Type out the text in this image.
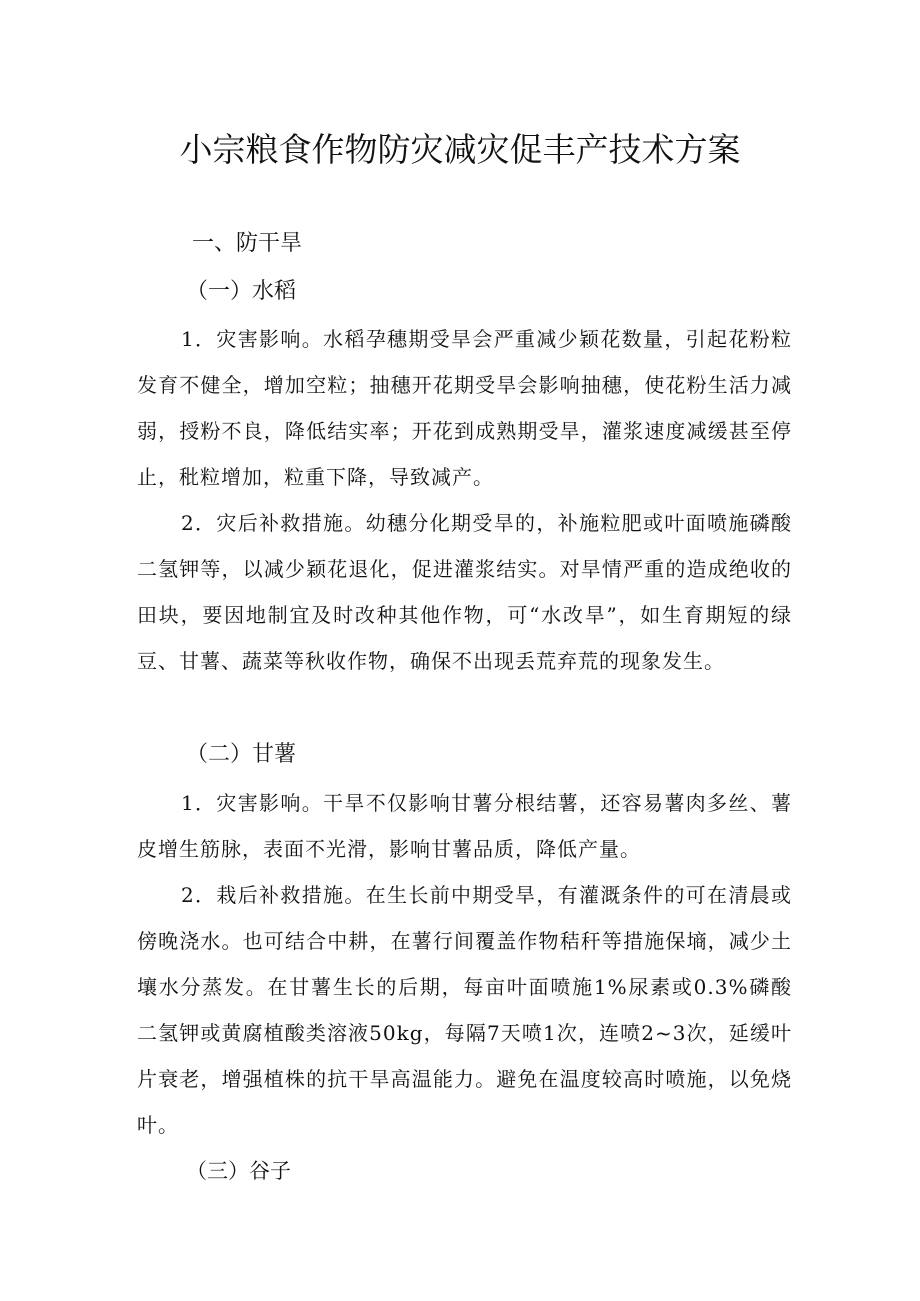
小宗粮食作物防灾减灾促丰产技术方案
一、防干旱
（一）水稻

1．灾害影响。水稻孕穗期受旱会严重减少颖花数量，引起花粉粒发育不健全，增加空粒；抽穗开花期受旱会影响抽穗，使花粉生活力减弱，授粉不良，降低结实率；开花到成熟期受旱，灌浆速度减缓甚至停止，秕粒增加，粒重下降，导致减产。

2．灾后补救措施。幼穗分化期受旱的，补施粒肥或叶面喷施磷酸二氢钾等，以减少颖花退化，促进灌浆结实。对旱情严重的造成绝收的田块，要因地制宜及时改种其他作物，可“水改旱”，如生育期短的绿豆、甘薯、蔬菜等秋收作物，确保不出现丢荒弃荒的现象发生。

（二）甘薯

1．灾害影响。干旱不仅影响甘薯分根结薯，还容易薯肉多丝、薯皮增生筋脉，表面不光滑，影响甘薯品质，降低产量。

2．栽后补救措施。在生长前中期受旱，有灌溉条件的可在清晨或傍晚浇水。也可结合中耕，在薯行间覆盖作物秸秆等措施保墒，减少土壤水分蒸发。在甘薯生长的后期，每亩叶面喷施1%尿素或0.3%磷酸二氢钾或黄腐植酸类溶液50kg，每隔7天喷1次，连喷2~3次，延缓叶片衰老，增强植株的抗干旱高温能力。避免在温度较高时喷施，以免烧叶。

（三）谷子
